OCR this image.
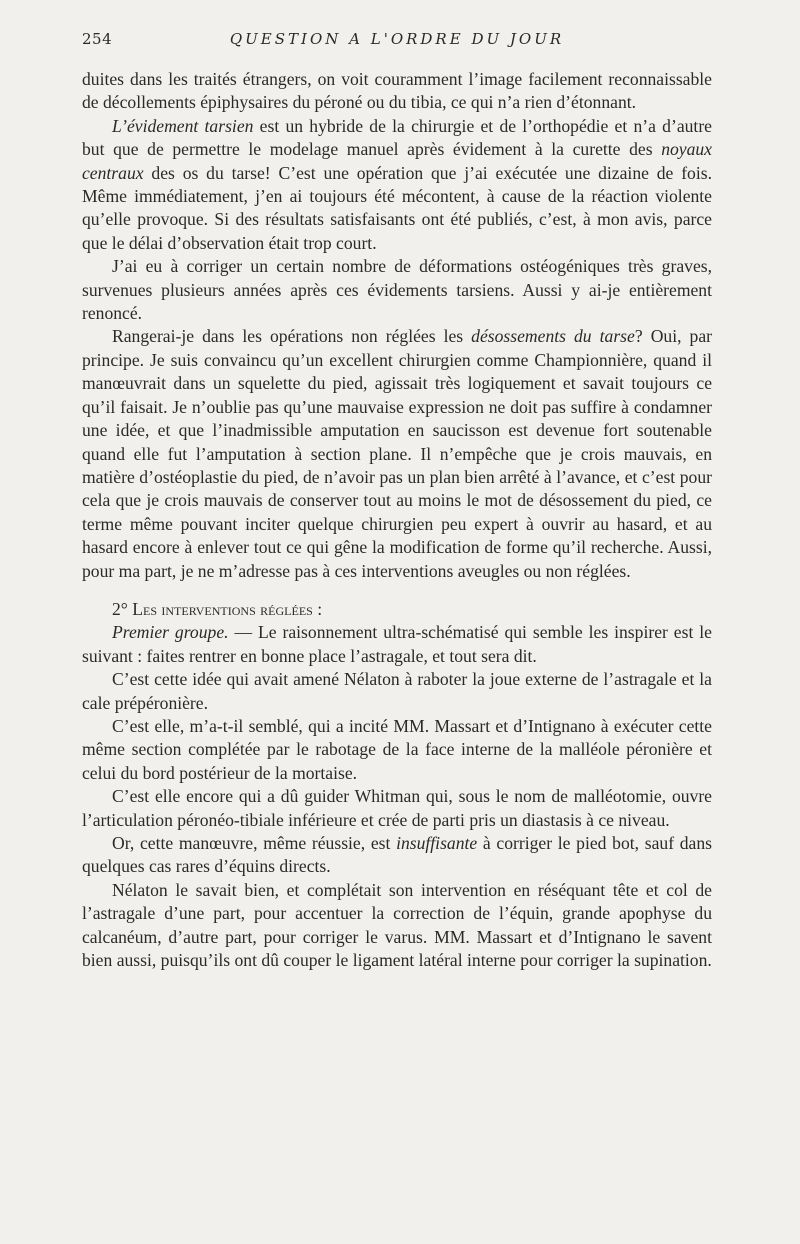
254	QUESTION A L'ORDRE DU JOUR

duites dans les traités étrangers, on voit couramment l’image facilement reconnaissable de décollements épiphysaires du péroné ou du tibia, ce qui n’a rien d’étonnant.

L’évidement tarsien est un hybride de la chirurgie et de l’orthopédie et n’a d’autre but que de permettre le modelage manuel après évidement à la curette des noyaux centraux des os du tarse! C’est une opération que j’ai exécutée une dizaine de fois. Même immédiatement, j’en ai toujours été mécontent, à cause de la réaction violente qu’elle provoque. Si des résultats satisfaisants ont été publiés, c’est, à mon avis, parce que le délai d’observation était trop court.

J’ai eu à corriger un certain nombre de déformations ostéogéniques très graves, survenues plusieurs années après ces évidements tarsiens. Aussi y ai-je entièrement renoncé.

Rangerai-je dans les opérations non réglées les désossements du tarse? Oui, par principe. Je suis convaincu qu’un excellent chirurgien comme Championnière, quand il manœuvrait dans un squelette du pied, agissait très logiquement et savait toujours ce qu’il faisait. Je n’oublie pas qu’une mauvaise expression ne doit pas suffire à condamner une idée, et que l’inadmissible amputation en saucisson est devenue fort soutenable quand elle fut l’amputation à section plane. Il n’empêche que je crois mauvais, en matière d’ostéoplastie du pied, de n’avoir pas un plan bien arrêté à l’avance, et c’est pour cela que je crois mauvais de conserver tout au moins le mot de désossement du pied, ce terme même pouvant inciter quelque chirurgien peu expert à ouvrir au hasard, et au hasard encore à enlever tout ce qui gêne la modification de forme qu’il recherche. Aussi, pour ma part, je ne m’adresse pas à ces interventions aveugles ou non réglées.

2° Les interventions réglées :

Premier groupe. — Le raisonnement ultra-schématisé qui semble les inspirer est le suivant : faites rentrer en bonne place l’astragale, et tout sera dit.

C’est cette idée qui avait amené Nélaton à raboter la joue externe de l’astragale et la cale prépéronière.

C’est elle, m’a-t-il semblé, qui a incité MM. Massart et d’Intignano à exécuter cette même section complétée par le rabotage de la face interne de la malléole péronière et celui du bord postérieur de la mortaise.

C’est elle encore qui a dû guider Whitman qui, sous le nom de malléotomie, ouvre l’articulation péronéo-tibiale inférieure et crée de parti pris un diastasis à ce niveau.

Or, cette manœuvre, même réussie, est insuffisante à corriger le pied bot, sauf dans quelques cas rares d’équins directs.

Nélaton le savait bien, et complétait son intervention en réséquant tête et col de l’astragale d’une part, pour accentuer la correction de l’équin, grande apophyse du calcanéum, d’autre part, pour corriger le varus. MM. Massart et d’Intignano le savent bien aussi, puisqu’ils ont dû couper le ligament latéral interne pour corriger la supination.
